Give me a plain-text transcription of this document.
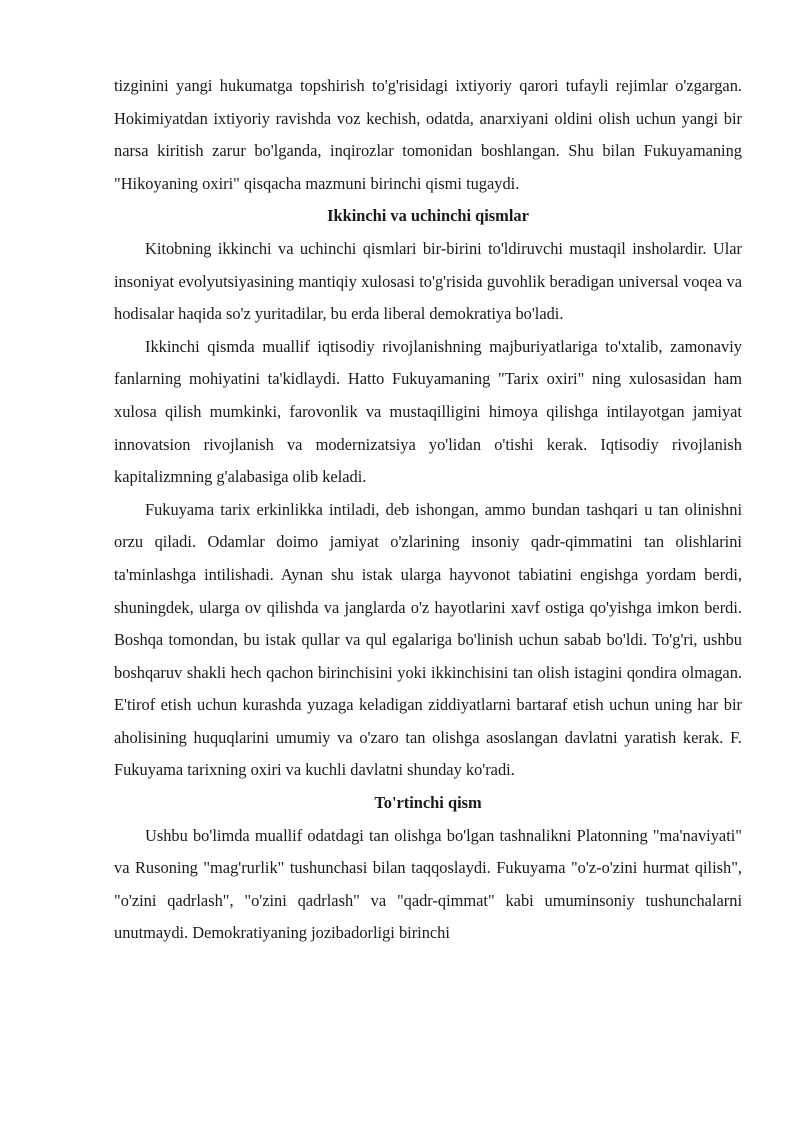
tizginini yangi hukumatga topshirish to'g'risidagi ixtiyoriy qarori tufayli rejimlar o'zgargan. Hokimiyatdan ixtiyoriy ravishda voz kechish, odatda, anarxiyani oldini olish uchun yangi bir narsa kiritish zarur bo'lganda, inqirozlar tomonidan boshlangan. Shu bilan Fukuyamaning "Hikoyaning oxiri" qisqacha mazmuni birinchi qismi tugaydi.

Ikkinchi va uchinchi qismlar

Kitobning ikkinchi va uchinchi qismlari bir-birini to'ldiruvchi mustaqil insholardir. Ular insoniyat evolyutsiyasining mantiqiy xulosasi to'g'risida guvohlik beradigan universal voqea va hodisalar haqida so'z yuritadilar, bu erda liberal demokratiya bo'ladi.

Ikkinchi qismda muallif iqtisodiy rivojlanishning majburiyatlariga to'xtalib, zamonaviy fanlarning mohiyatini ta'kidlaydi. Hatto Fukuyamaning "Tarix oxiri" ning xulosasidan ham xulosa qilish mumkinki, farovonlik va mustaqilligini himoya qilishga intilayotgan jamiyat innovatsion rivojlanish va modernizatsiya yo'lidan o'tishi kerak. Iqtisodiy rivojlanish kapitalizmning g'alabasiga olib keladi.

Fukuyama tarix erkinlikka intiladi, deb ishongan, ammo bundan tashqari u tan olinishni orzu qiladi. Odamlar doimo jamiyat o'zlarining insoniy qadr-qimmatini tan olishlarini ta'minlashga intilishadi. Aynan shu istak ularga hayvonot tabiatini engishga yordam berdi, shuningdek, ularga ov qilishda va janglarda o'z hayotlarini xavf ostiga qo'yishga imkon berdi. Boshqa tomondan, bu istak qullar va qul egalariga bo'linish uchun sabab bo'ldi. To'g'ri, ushbu boshqaruv shakli hech qachon birinchisini yoki ikkinchisini tan olish istagini qondira olmagan. E'tirof etish uchun kurashda yuzaga keladigan ziddiyatlarni bartaraf etish uchun uning har bir aholisining huquqlarini umumiy va o'zaro tan olishga asoslangan davlatni yaratish kerak. F. Fukuyama tarixning oxiri va kuchli davlatni shunday ko'radi.

To'rtinchi qism

Ushbu bo'limda muallif odatdagi tan olishga bo'lgan tashnalikni Platonning "ma'naviyati" va Rusoning "mag'rurlik" tushunchasi bilan taqqoslaydi. Fukuyama "o'z-o'zini hurmat qilish", "o'zini qadrlash", "o'zini qadrlash" va "qadr-qimmat" kabi umuminsoniy tushunchalarni unutmaydi. Demokratiyaning jozibadorligi birinchi
